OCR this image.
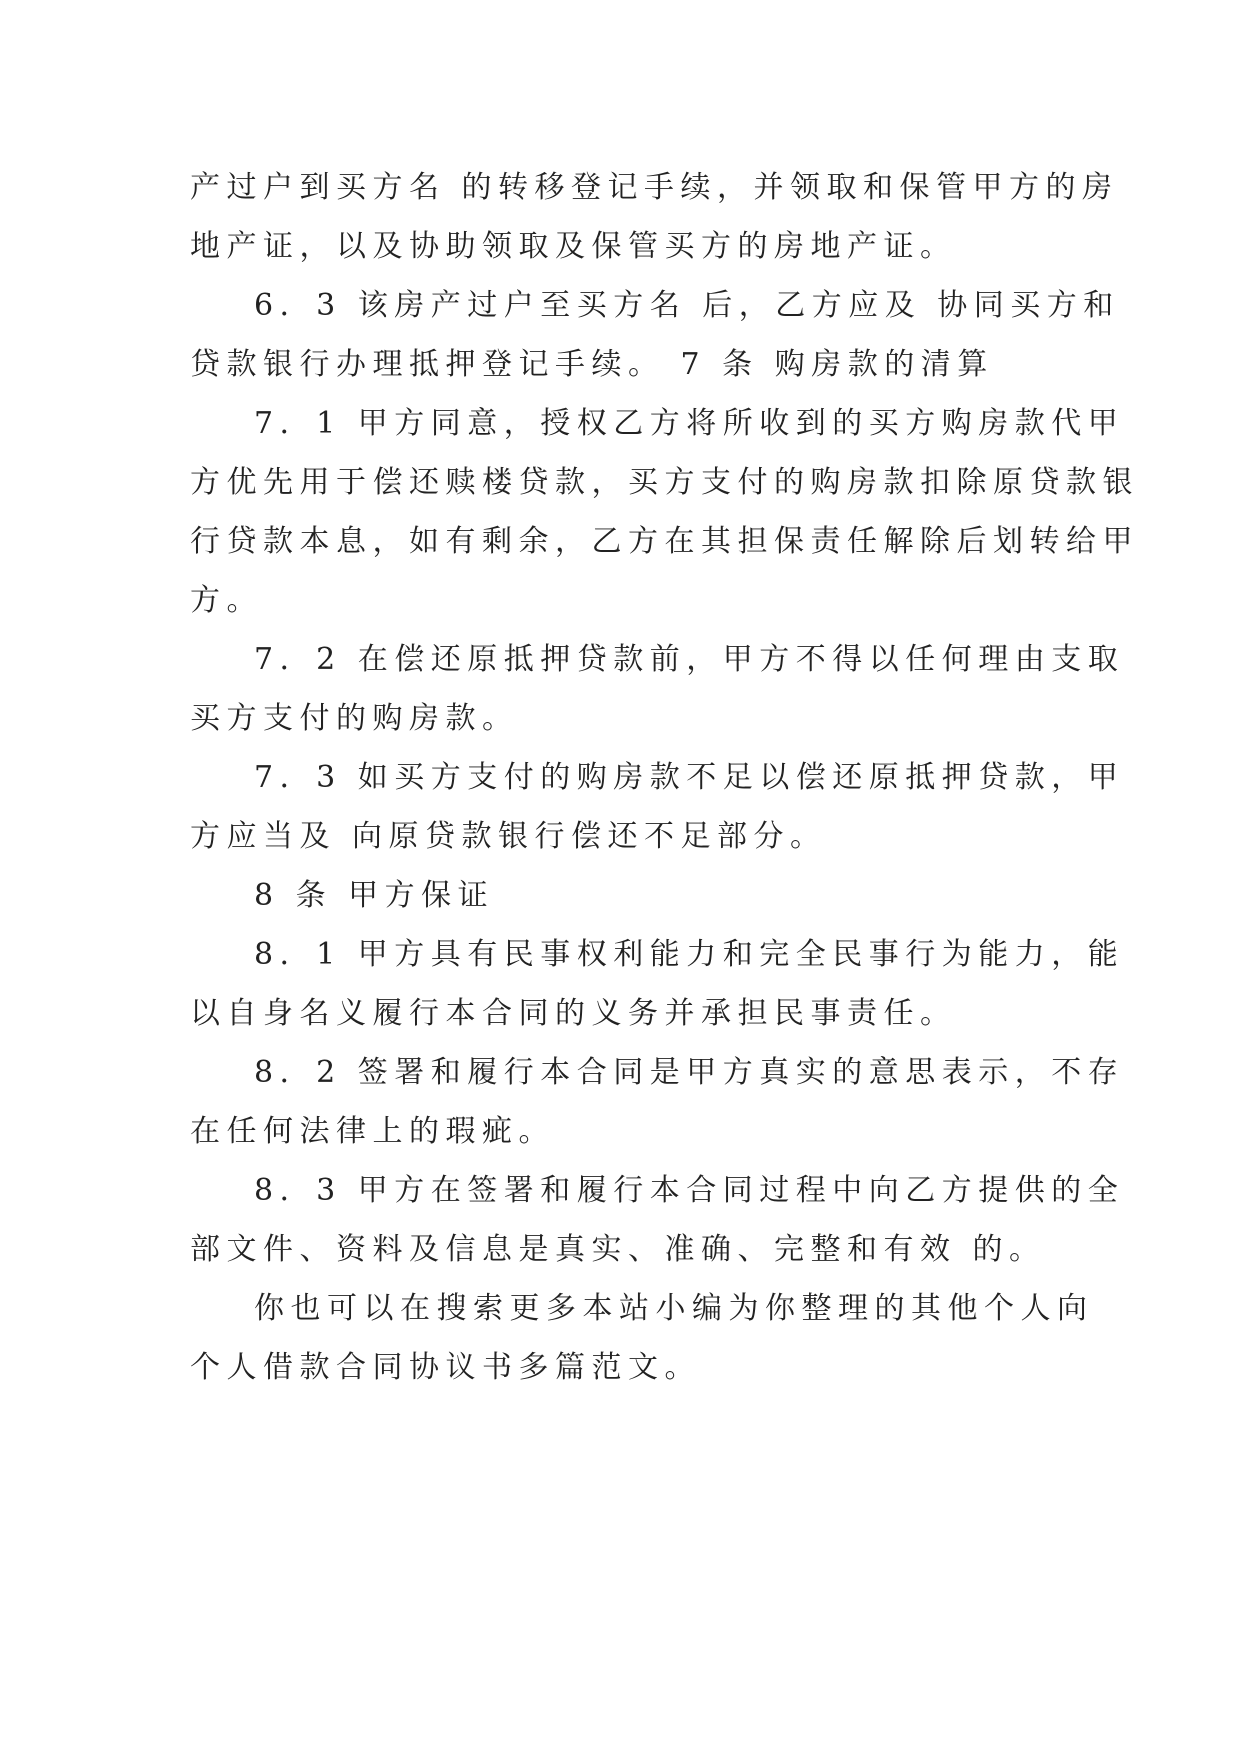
产过户到买方名 的转移登记手续，并领取和保管甲方的房
地产证，以及协助领取及保管买方的房地产证。
6．3 该房产过户至买方名 后，乙方应及 协同买方和
贷款银行办理抵押登记手续。 7 条 购房款的清算
7．1 甲方同意，授权乙方将所收到的买方购房款代甲
方优先用于偿还赎楼贷款，买方支付的购房款扣除原贷款银
行贷款本息，如有剩余，乙方在其担保责任解除后划转给甲
方。
7．2 在偿还原抵押贷款前，甲方不得以任何理由支取
买方支付的购房款。
7．3 如买方支付的购房款不足以偿还原抵押贷款，甲
方应当及 向原贷款银行偿还不足部分。
8 条 甲方保证
8．1 甲方具有民事权利能力和完全民事行为能力，能
以自身名义履行本合同的义务并承担民事责任。
8．2 签署和履行本合同是甲方真实的意思表示，不存
在任何法律上的瑕疵。
8．3 甲方在签署和履行本合同过程中向乙方提供的全
部文件、资料及信息是真实、准确、完整和有效 的。
你也可以在搜索更多本站小编为你整理的其他个人向
个人借款合同协议书多篇范文。
